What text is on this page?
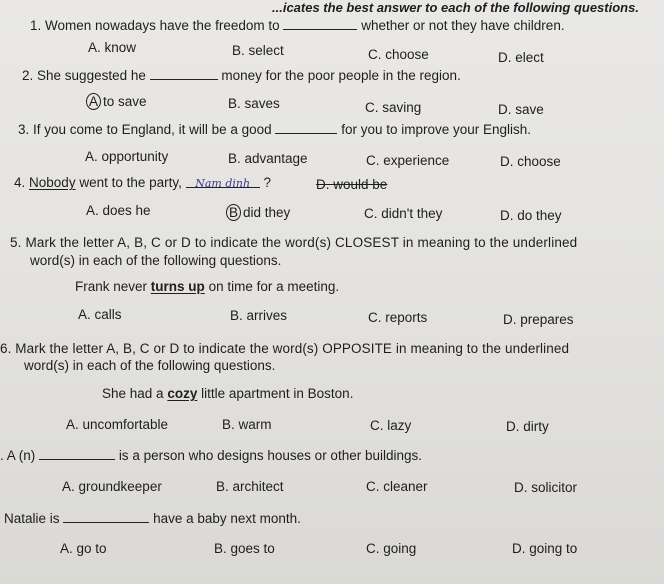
...icates the best answer to each of the following questions.
1. Women nowadays have the freedom to	whether or not they have children.
A. know	B. select	C. choose	D. elect
2. She suggested he	money for the poor people in the region.
A to save	B. saves	C. saving	D. save
3. If you come to England, it will be a good	for you to improve your English.
A. opportunity	B. advantage	C. experience	D. choose
4. Nobody went to the party, Nam dinh ?	D. would be
A. does he	B did they	C. didn't they	D. do they
5. Mark the letter A, B, C or D to indicate the word(s) CLOSEST in meaning to the underlined
word(s) in each of the following questions.
Frank never turns up on time for a meeting.
A. calls	B. arrives	C. reports	D. prepares
6. Mark the letter A, B, C or D to indicate the word(s) OPPOSITE in meaning to the underlined
word(s) in each of the following questions.
She had a cozy little apartment in Boston.
A. uncomfortable	B. warm	C. lazy	D. dirty
. A (n)	is a person who designs houses or other buildings.
A. groundkeeper	B. architect	C. cleaner	D. solicitor
Natalie is	have a baby next month.
A. go to	B. goes to	C. going	D. going to
